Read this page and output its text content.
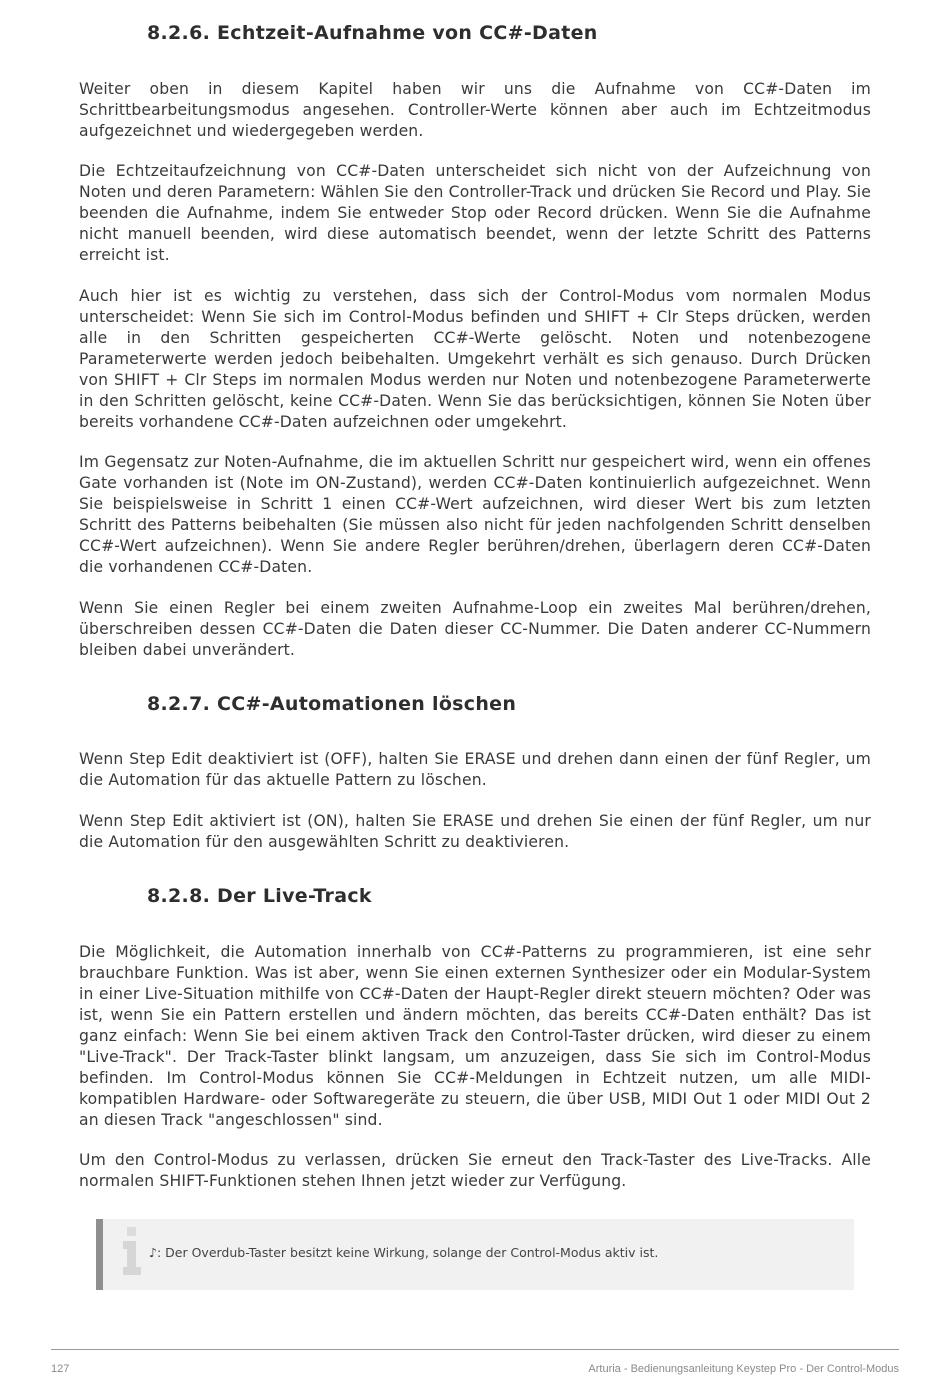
8.2.6. Echtzeit-Aufnahme von CC#-Daten

Weiter oben in diesem Kapitel haben wir uns die Aufnahme von CC#-Daten im Schrittbearbeitungsmodus angesehen. Controller-Werte können aber auch im Echtzeitmodus aufgezeichnet und wiedergegeben werden.

Die Echtzeitaufzeichnung von CC#-Daten unterscheidet sich nicht von der Aufzeichnung von Noten und deren Parametern: Wählen Sie den Controller-Track und drücken Sie Record und Play. Sie beenden die Aufnahme, indem Sie entweder Stop oder Record drücken. Wenn Sie die Aufnahme nicht manuell beenden, wird diese automatisch beendet, wenn der letzte Schritt des Patterns erreicht ist.

Auch hier ist es wichtig zu verstehen, dass sich der Control-Modus vom normalen Modus unterscheidet: Wenn Sie sich im Control-Modus befinden und SHIFT + Clr Steps drücken, werden alle in den Schritten gespeicherten CC#-Werte gelöscht. Noten und notenbezogene Parameterwerte werden jedoch beibehalten. Umgekehrt verhält es sich genauso. Durch Drücken von SHIFT + Clr Steps im normalen Modus werden nur Noten und notenbezogene Parameterwerte in den Schritten gelöscht, keine CC#-Daten. Wenn Sie das berücksichtigen, können Sie Noten über bereits vorhandene CC#-Daten aufzeichnen oder umgekehrt.

Im Gegensatz zur Noten-Aufnahme, die im aktuellen Schritt nur gespeichert wird, wenn ein offenes Gate vorhanden ist (Note im ON-Zustand), werden CC#-Daten kontinuierlich aufgezeichnet. Wenn Sie beispielsweise in Schritt 1 einen CC#-Wert aufzeichnen, wird dieser Wert bis zum letzten Schritt des Patterns beibehalten (Sie müssen also nicht für jeden nachfolgenden Schritt denselben CC#-Wert aufzeichnen). Wenn Sie andere Regler berühren/drehen, überlagern deren CC#-Daten die vorhandenen CC#-Daten.

Wenn Sie einen Regler bei einem zweiten Aufnahme-Loop ein zweites Mal berühren/drehen, überschreiben dessen CC#-Daten die Daten dieser CC-Nummer. Die Daten anderer CC-Nummern bleiben dabei unverändert.

8.2.7. CC#-Automationen löschen

Wenn Step Edit deaktiviert ist (OFF), halten Sie ERASE und drehen dann einen der fünf Regler, um die Automation für das aktuelle Pattern zu löschen.

Wenn Step Edit aktiviert ist (ON), halten Sie ERASE und drehen Sie einen der fünf Regler, um nur die Automation für den ausgewählten Schritt zu deaktivieren.

8.2.8. Der Live-Track

Die Möglichkeit, die Automation innerhalb von CC#-Patterns zu programmieren, ist eine sehr brauchbare Funktion. Was ist aber, wenn Sie einen externen Synthesizer oder ein Modular-System in einer Live-Situation mithilfe von CC#-Daten der Haupt-Regler direkt steuern möchten? Oder was ist, wenn Sie ein Pattern erstellen und ändern möchten, das bereits CC#-Daten enthält? Das ist ganz einfach: Wenn Sie bei einem aktiven Track den Control-Taster drücken, wird dieser zu einem "Live-Track". Der Track-Taster blinkt langsam, um anzuzeigen, dass Sie sich im Control-Modus befinden. Im Control-Modus können Sie CC#-Meldungen in Echtzeit nutzen, um alle MIDI-kompatiblen Hardware- oder Softwaregeräte zu steuern, die über USB, MIDI Out 1 oder MIDI Out 2 an diesen Track "angeschlossen" sind.

Um den Control-Modus zu verlassen, drücken Sie erneut den Track-Taster des Live-Tracks. Alle normalen SHIFT-Funktionen stehen Ihnen jetzt wieder zur Verfügung.

♪: Der Overdub-Taster besitzt keine Wirkung, solange der Control-Modus aktiv ist.
127	Arturia - Bedienungsanleitung Keystep Pro - Der Control-Modus
